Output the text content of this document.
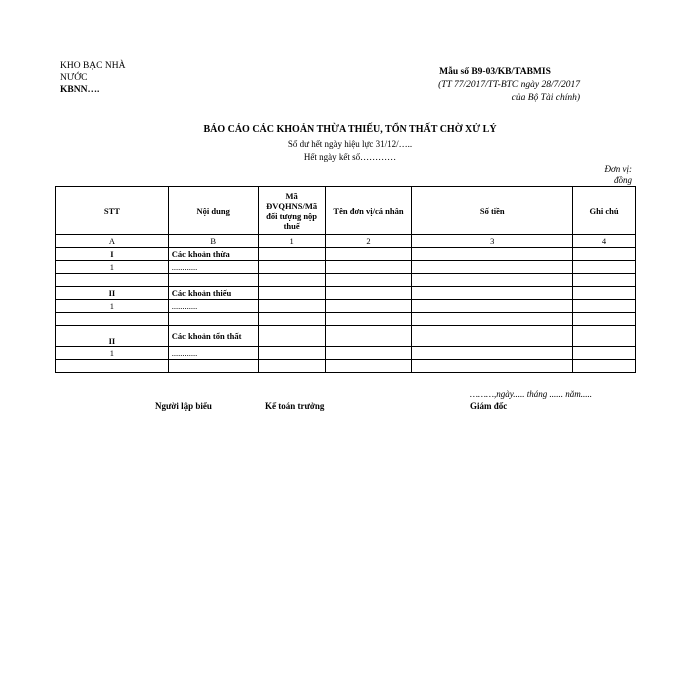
KHO BẠC NHÀ NƯỚC
KBNN….
Mẫu số B9-03/KB/TABMIS
(TT 77/2017/TT-BTC ngày 28/7/2017
của Bộ Tài chính)
BÁO CÁO CÁC KHOẢN THỪA THIẾU, TỔN THẤT CHỜ XỬ LÝ
Số dư hết ngày hiệu lực 31/12/…..
Hết ngày kết số…………
Đơn vị: đồng
STT	Nội dung	Mã ĐVQHNS/Mã đối tượng nộp thuế	Tên đơn vị/cá nhân	Số tiền	Ghi chú
A	B	1	2	3	4
I	Các khoản thừa				
1	............				

II	Các khoản thiếu				
1	............				

II	Các khoản tổn thất				
1	............				

………,ngày..... tháng ...... năm.....
Người lập biểu	Kế toán trưởng	Giám đốc
